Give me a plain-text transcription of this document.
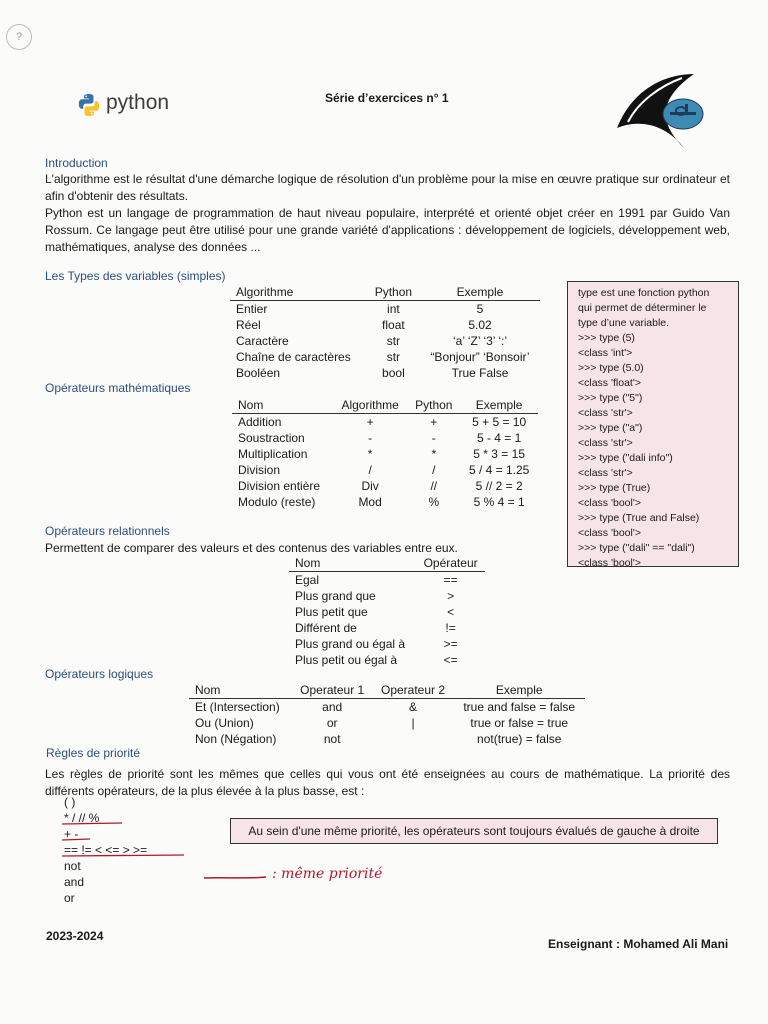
?
python	Série d’exercices n° 1
Introduction
L'algorithme est le résultat d'une démarche logique de résolution d'un problème pour la mise en œuvre pratique sur ordinateur et afin d'obtenir des résultats.
Python est un langage de programmation de haut niveau populaire, interprété et orienté objet créer en 1991 par Guido Van Rossum. Ce langage peut être utilisé pour une grande variété d'applications : développement de logiciels, développement web, mathématiques, analyse des données ...
Les Types des variables (simples)
Algorithme	Python	Exemple
Entier	int	5
Réel	float	5.02
Caractère	str	‘a’ ‘Z’ ‘3’ ‘:’
Chaîne de caractères	str	“Bonjour” ‘Bonsoir’
Booléen	bool	True False
Opérateurs mathématiques
Nom	Algorithme	Python	Exemple
Addition	+	+	5 + 5 = 10
Soustraction	-	-	5 - 4 = 1
Multiplication	*	*	5 * 3 = 15
Division	/	/	5 / 4 = 1.25
Division entière	Div	//	5 // 2 = 2
Modulo (reste)	Mod	%	5 % 4 = 1
type est une fonction python
qui permet de déterminer le
type d’une variable.
>>> type (5)
<class 'int'>
>>> type (5.0)
<class 'float'>
>>> type ("5")
<class 'str'>
>>> type ("a")
<class 'str'>
>>> type ("dali info")
<class 'str'>
>>> type (True)
<class 'bool'>
>>> type (True and False)
<class 'bool'>
>>> type ("dali" == "dali")
<class 'bool'>
Opérateurs relationnels
Permettent de comparer des valeurs et des contenus des variables entre eux.
Nom	Opérateur
Egal	==
Plus grand que	>
Plus petit que	<
Différent de	!=
Plus grand ou égal à	>=
Plus petit ou égal à	<=
Opérateurs logiques
Nom	Operateur 1	Operateur 2	Exemple
Et (Intersection)	and	&	true and false = false
Ou (Union)	or	|	true or false = true
Non (Négation)	not		not(true) = false
Règles de priorité
Les règles de priorité sont les mêmes que celles qui vous ont été enseignées au cours de mathématique. La priorité des différents opérateurs, de la plus élevée à la plus basse, est :
( )
* / // %
+ -
== != < <= > >=
not
and
or
Au sein d'une même priorité, les opérateurs sont toujours évalués de gauche à droite
: même priorité
2023-2024
Enseignant : Mohamed Ali Mani
